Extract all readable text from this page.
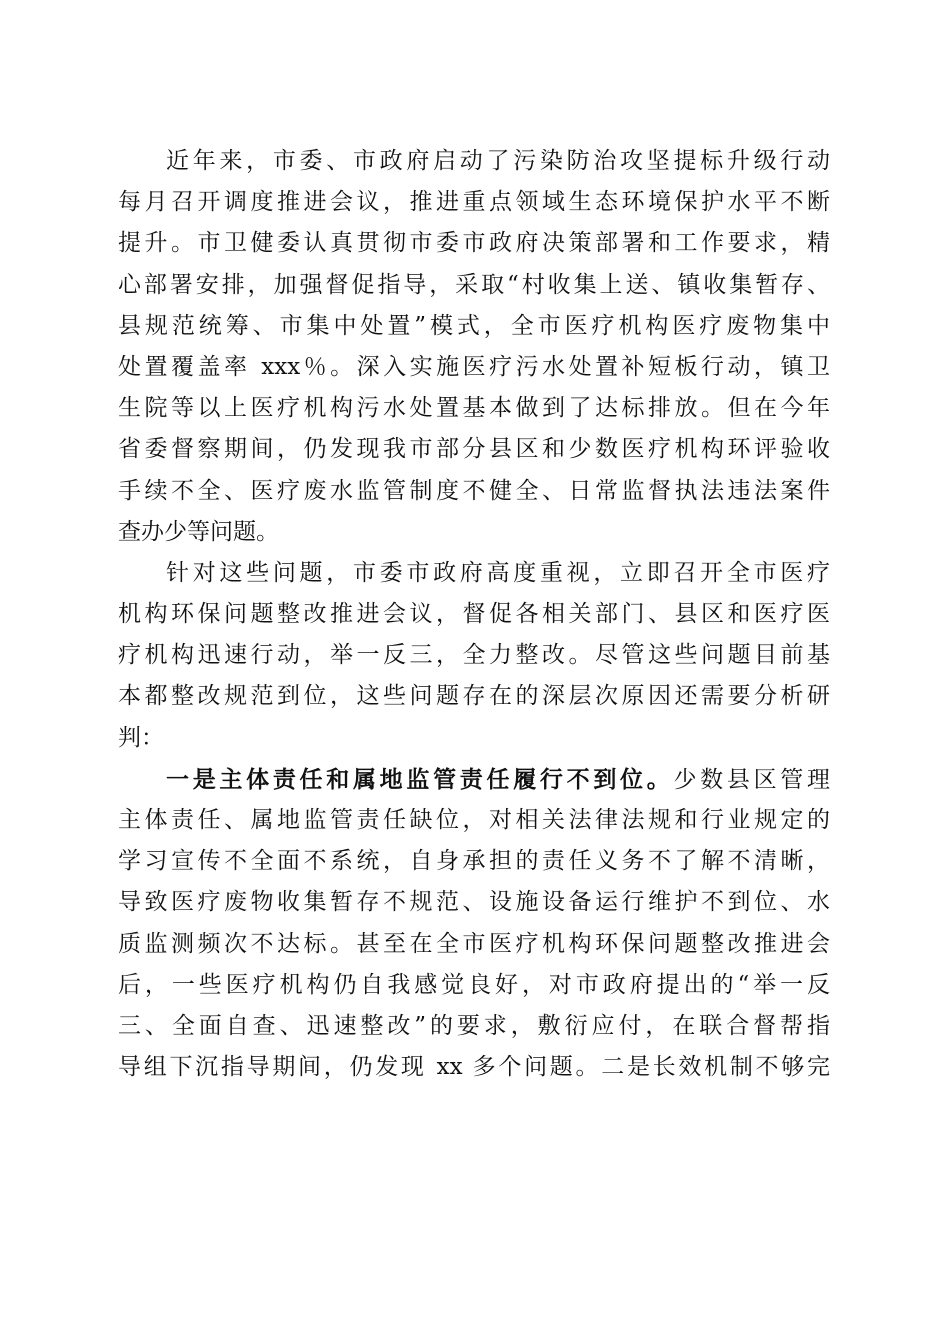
近年来，市委、市政府启动了污染防治攻坚提标升级行动

每月召开调度推进会议，推进重点领域生态环境保护水平不断

提升。市卫健委认真贯彻市委市政府决策部署和工作要求，精

心部署安排，加强督促指导，采取“村收集上送、镇收集暂存、

县规范统筹、市集中处置”模式，全市医疗机构医疗废物集中

处置覆盖率 xxx％。深入实施医疗污水处置补短板行动，镇卫

生院等以上医疗机构污水处置基本做到了达标排放。但在今年

省委督察期间，仍发现我市部分县区和少数医疗机构环评验收

手续不全、医疗废水监管制度不健全、日常监督执法违法案件

查办少等问题。

针对这些问题，市委市政府高度重视，立即召开全市医疗

机构环保问题整改推进会议，督促各相关部门、县区和医疗医

疗机构迅速行动，举一反三，全力整改。尽管这些问题目前基

本都整改规范到位，这些问题存在的深层次原因还需要分析研

判：

一是主体责任和属地监管责任履行不到位。少数县区管理

主体责任、属地监管责任缺位，对相关法律法规和行业规定的

学习宣传不全面不系统，自身承担的责任义务不了解不清晰，

导致医疗废物收集暂存不规范、设施设备运行维护不到位、水

质监测频次不达标。甚至在全市医疗机构环保问题整改推进会

后，一些医疗机构仍自我感觉良好，对市政府提出的“举一反

三、全面自查、迅速整改”的要求，敷衍应付，在联合督帮指

导组下沉指导期间，仍发现 xx 多个问题。二是长效机制不够完
